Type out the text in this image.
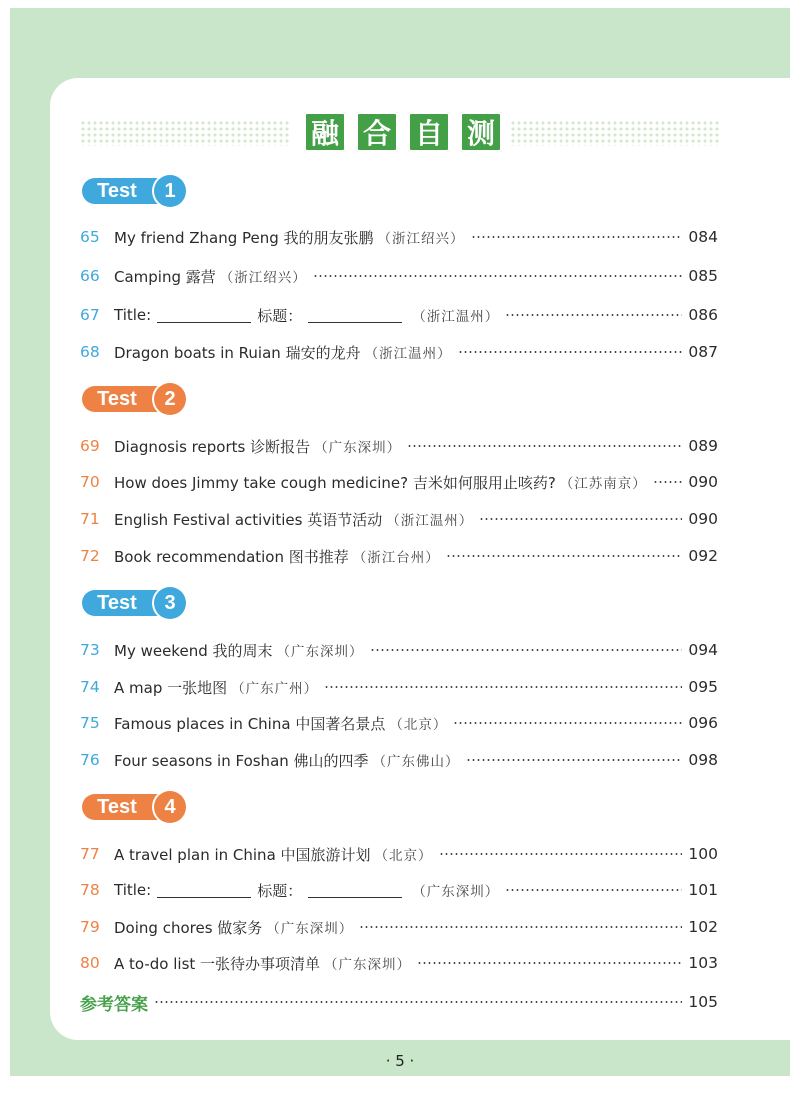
融 合 自 测
Test	1
65 My friend Zhang Peng 我的朋友张鹏 （浙江绍兴）	084
66 Camping 露营 （浙江绍兴）	085
67 Title:	标题：	（浙江温州）	086
68 Dragon boats in Ruian 瑞安的龙舟 （浙江温州）	087
Test	2
69 Diagnosis reports 诊断报告 （广东深圳）	089
70 How does Jimmy take cough medicine? 吉米如何服用止咳药? （江苏南京）	090
71 English Festival activities 英语节活动 （浙江温州）	090
72 Book recommendation 图书推荐 （浙江台州）	092
Test	3
73 My weekend 我的周末 （广东深圳）	094
74 A map 一张地图 （广东广州）	095
75 Famous places in China 中国著名景点 （北京）	096
76 Four seasons in Foshan 佛山的四季 （广东佛山）	098
Test	4
77 A travel plan in China 中国旅游计划 （北京）	100
78 Title:	标题：	（广东深圳）	101
79 Doing chores 做家务 （广东深圳）	102
80 A to-do list 一张待办事项清单 （广东深圳）	103
参考答案	105
· 5 ·
